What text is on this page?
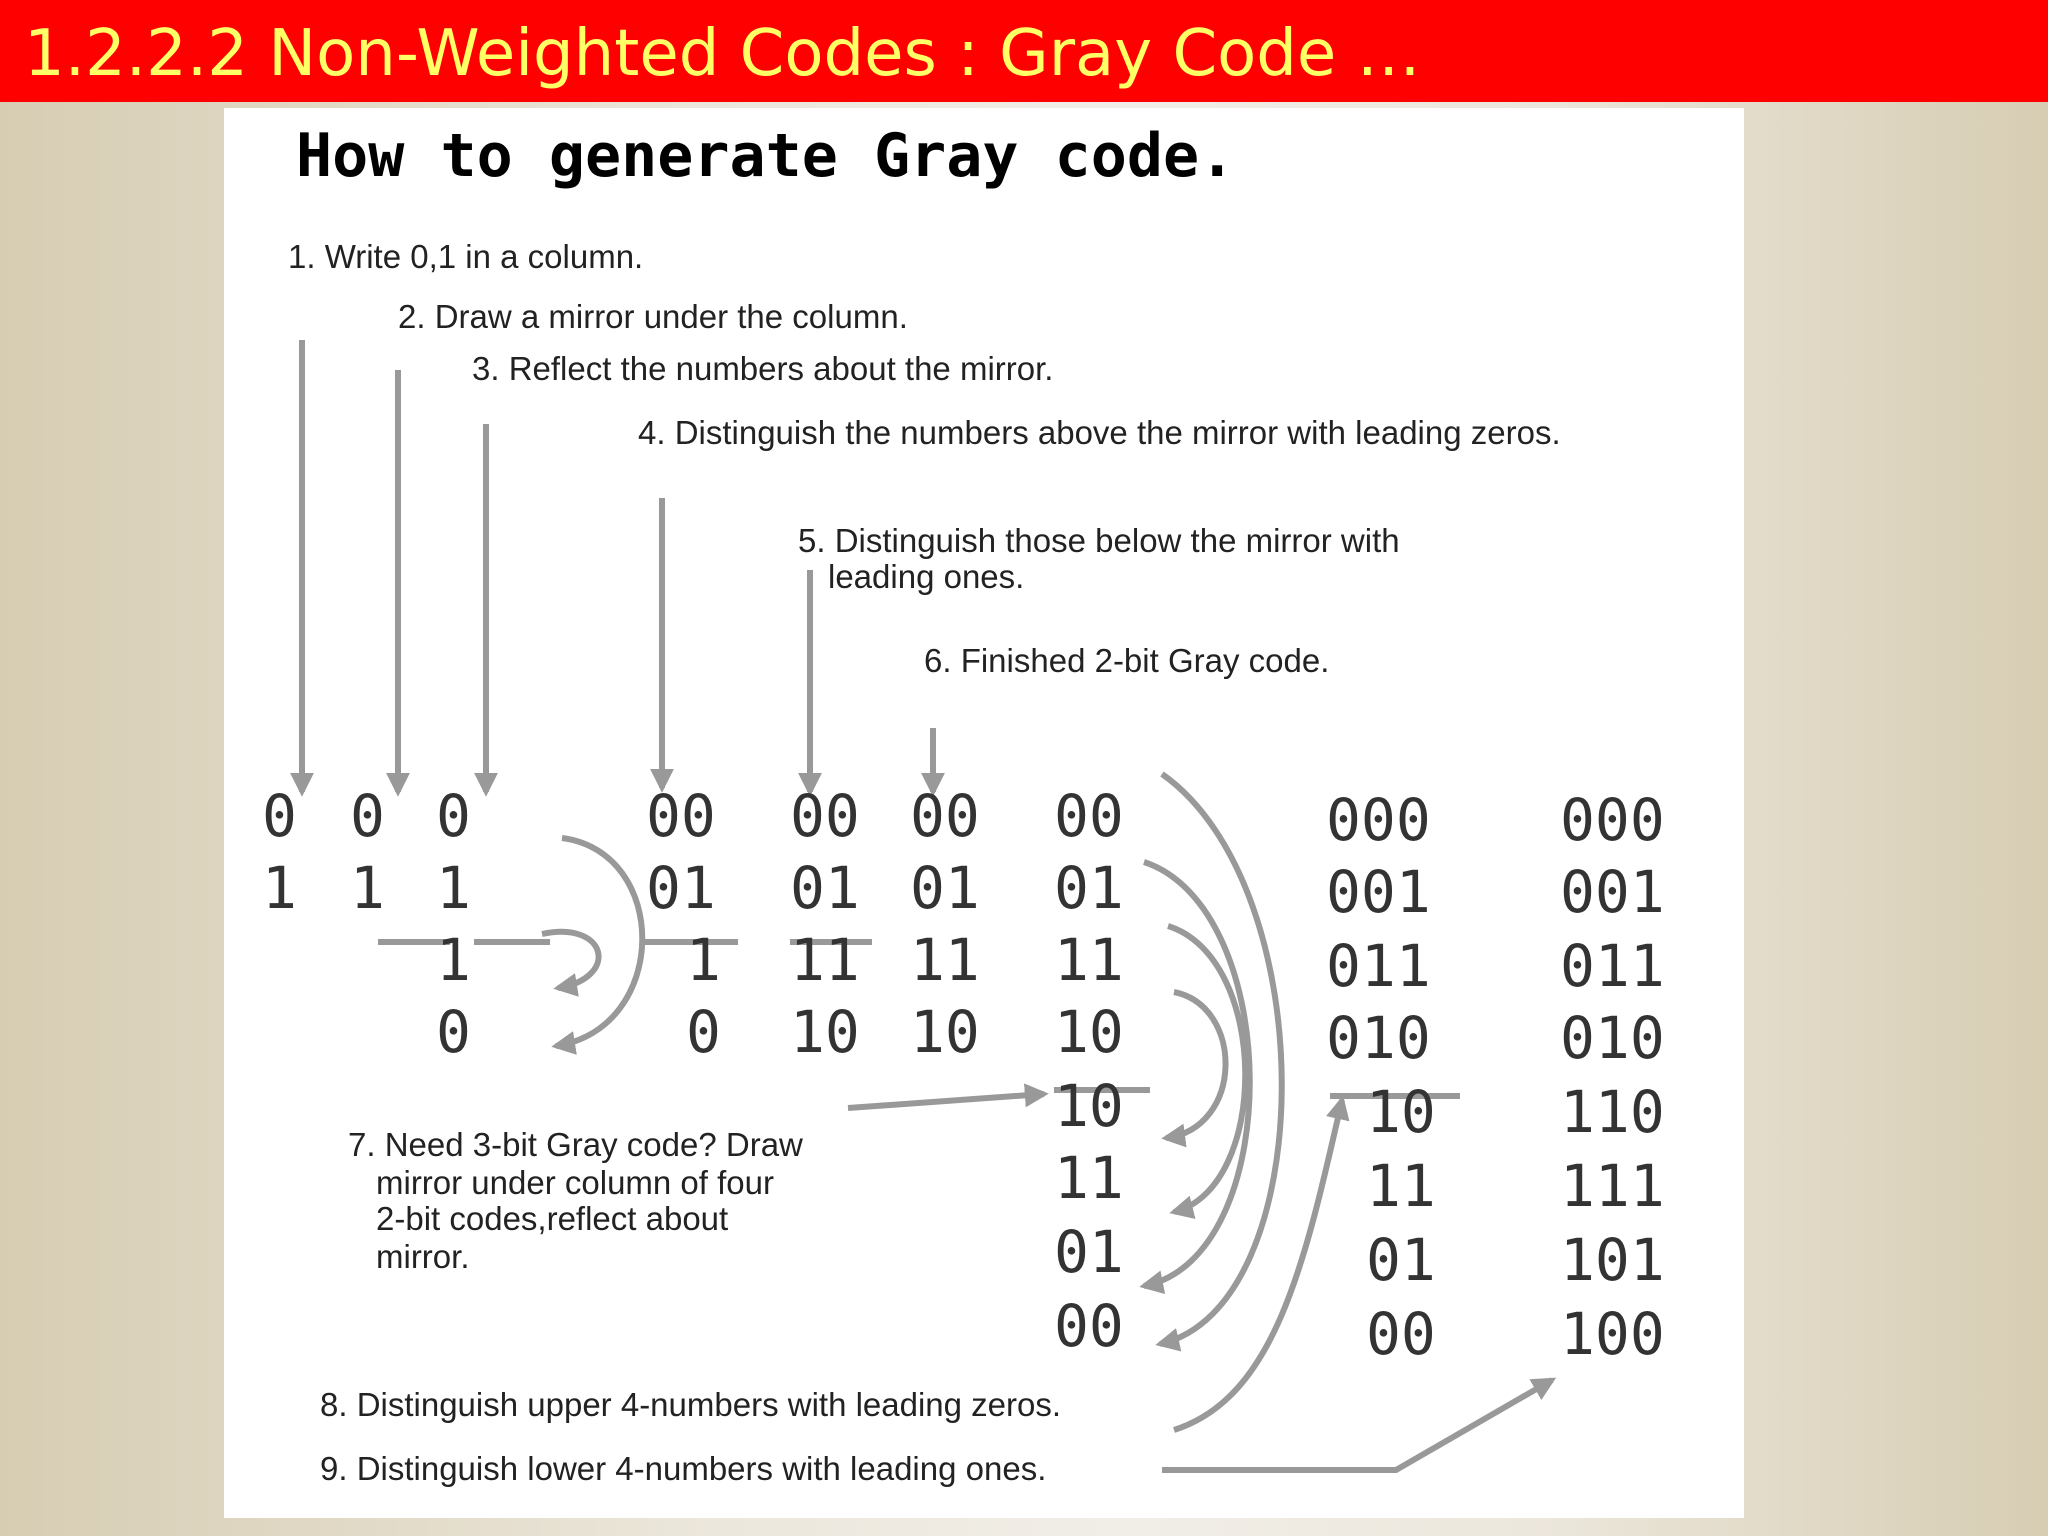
1.2.2.2 Non-Weighted Codes : Gray Code …
How to generate Gray code.
1. Write 0,1 in a column.
2. Draw a mirror under the column.
3. Reflect the numbers about the mirror.
4. Distinguish the numbers above the mirror with leading zeros.
5. Distinguish those below the mirror with
leading ones.
6. Finished 2-bit Gray code.
7. Need 3-bit Gray code? Draw
mirror under column of four
2-bit codes,reflect about
mirror.
8. Distinguish upper 4-numbers with leading zeros.
9. Distinguish lower 4-numbers with leading ones.
0
1
0
1
0
1
1
0
00
01
1
0
00
01
11
10
00
01
11
10
00
01
11
10
10
11
01
00
000
001
011
010
10
11
01
00
000
001
011
010
110
111
101
100
